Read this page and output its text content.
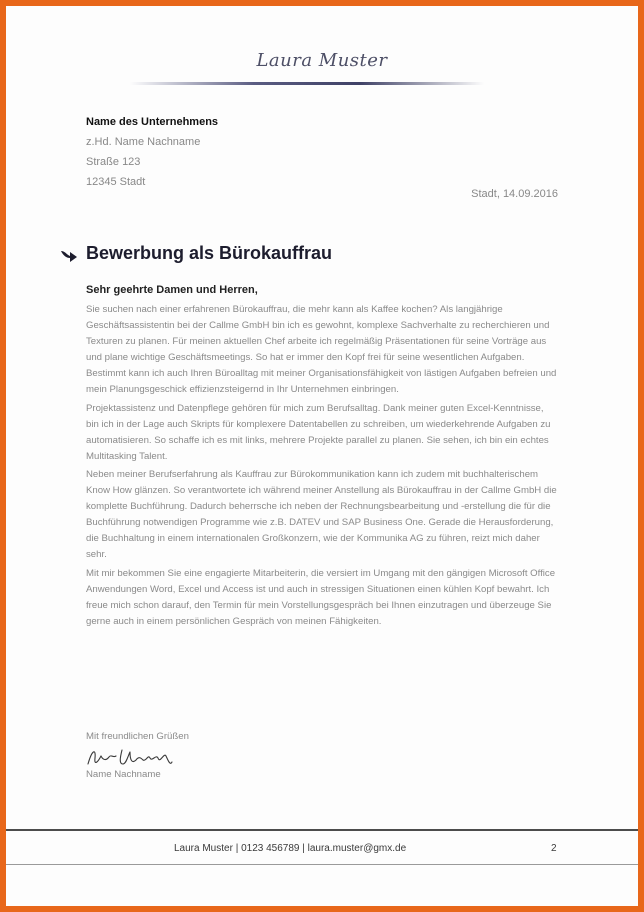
Laura Muster
Name des Unternehmens
z.Hd. Name Nachname
Straße 123
12345 Stadt
Stadt, 14.09.2016
Bewerbung als Bürokauffrau
Sehr geehrte Damen und Herren,

Sie suchen nach einer erfahrenen Bürokauffrau, die mehr kann als Kaffee kochen? Als langjährige Geschäftsassistentin bei der Callme GmbH bin ich es gewohnt, komplexe Sachverhalte zu recherchieren und Texturen zu planen. Für meinen aktuellen Chef arbeite ich regelmäßig Präsentationen für seine Vorträge aus und plane wichtige Geschäftsmeetings. So hat er immer den Kopf frei für seine wesentlichen Aufgaben. Bestimmt kann ich auch Ihren Büroalltag mit meiner Organisationsfähigkeit von lästigen Aufgaben befreien und mein Planungsgeschick effizienzsteigernd in Ihr Unternehmen einbringen.

Projektassistenz und Datenpflege gehören für mich zum Berufsalltag. Dank meiner guten Excel-Kenntnisse, bin ich in der Lage auch Skripts für komplexere Datentabellen zu schreiben, um wiederkehrende Aufgaben zu automatisieren. So schaffe ich es mit links, mehrere Projekte parallel zu planen. Sie sehen, ich bin ein echtes Multitasking Talent.

Neben meiner Berufserfahrung als Kauffrau zur Bürokommunikation kann ich zudem mit buchhalterischem Know How glänzen. So verantwortete ich während meiner Anstellung als Bürokauffrau in der Callme GmbH die komplette Buchführung. Dadurch beherrsche ich neben der Rechnungsbearbeitung und -erstellung die für die Buchführung notwendigen Programme wie z.B. DATEV und SAP Business One. Gerade die Herausforderung, die Buchhaltung in einem internationalen Großkonzern, wie der Kommunika AG zu führen, reizt mich daher sehr.

Mit mir bekommen Sie eine engagierte Mitarbeiterin, die versiert im Umgang mit den gängigen Microsoft Office Anwendungen Word, Excel und Access ist und auch in stressigen Situationen einen kühlen Kopf bewahrt. Ich freue mich schon darauf, den Termin für mein Vorstellungsgespräch bei Ihnen einzutragen und überzeuge Sie gerne auch in einem persönlichen Gespräch von meinen Fähigkeiten.

Mit freundlichen Grüßen
Name Nachname
Laura Muster | 0123 456789 | laura.muster@gmx.de	2
